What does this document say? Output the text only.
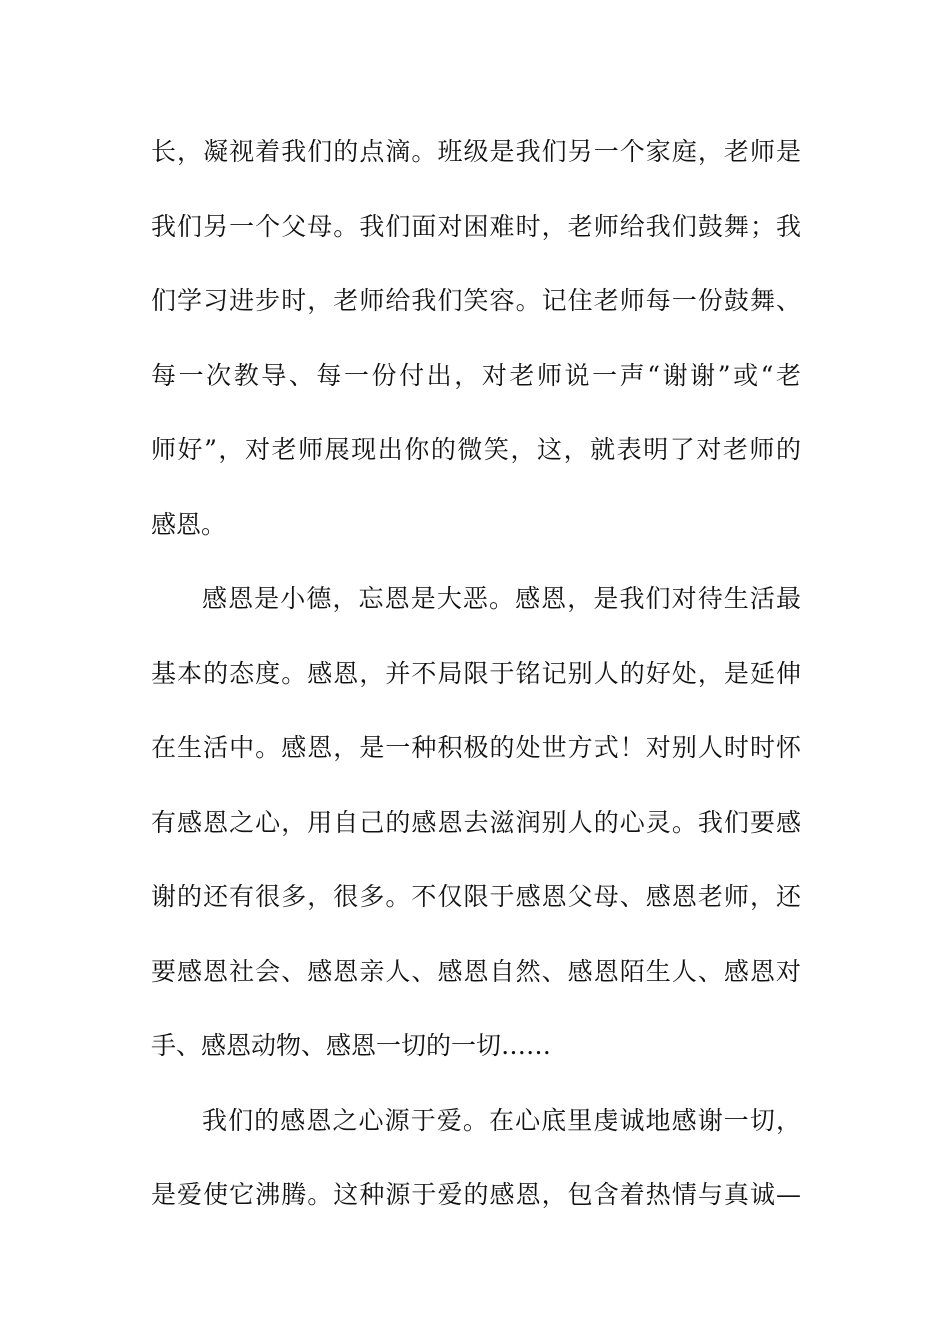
长，凝视着我们的点滴。班级是我们另一个家庭，老师是
我们另一个父母。我们面对困难时，老师给我们鼓舞；我
们学习进步时，老师给我们笑容。记住老师每一份鼓舞、
每一次教导、每一份付出，对老师说一声“谢谢”或“老
师好”，对老师展现出你的微笑，这，就表明了对老师的
感恩。
感恩是小德，忘恩是大恶。感恩，是我们对待生活最
基本的态度。感恩，并不局限于铭记别人的好处，是延伸
在生活中。感恩，是一种积极的处世方式！对别人时时怀
有感恩之心，用自己的感恩去滋润别人的心灵。我们要感
谢的还有很多，很多。不仅限于感恩父母、感恩老师，还
要感恩社会、感恩亲人、感恩自然、感恩陌生人、感恩对
手、感恩动物、感恩一切的一切……
我们的感恩之心源于爱。在心底里虔诚地感谢一切，
是爱使它沸腾。这种源于爱的感恩，包含着热情与真诚—
